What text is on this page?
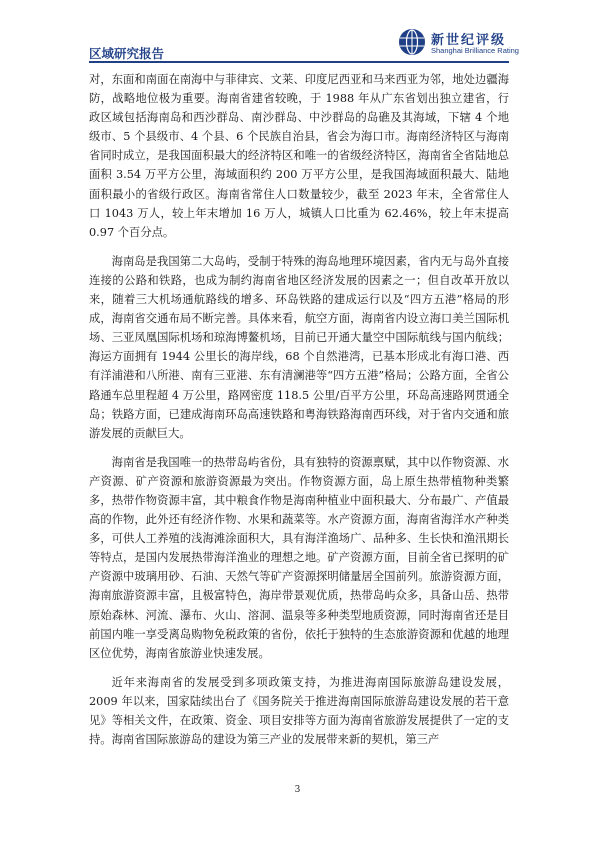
新世纪评级
Shanghai Brilliance Rating
区域研究报告

对，东面和南面在南海中与菲律宾、文莱、印度尼西亚和马来西亚为邻，地处边疆海防，战略地位极为重要。海南省建省较晚，于 1988 年从广东省划出独立建省，行政区域包括海南岛和西沙群岛、南沙群岛、中沙群岛的岛礁及其海域，下辖 4 个地级市、5 个县级市、4 个县、6 个民族自治县，省会为海口市。海南经济特区与海南省同时成立，是我国面积最大的经济特区和唯一的省级经济特区，海南省全省陆地总面积 3.54 万平方公里，海域面积约 200 万平方公里，是我国海域面积最大、陆地面积最小的省级行政区。海南省常住人口数量较少，截至 2023 年末，全省常住人口 1043 万人，较上年末增加 16 万人，城镇人口比重为 62.46%，较上年末提高 0.97 个百分点。

海南岛是我国第二大岛屿，受制于特殊的海岛地理环境因素，省内无与岛外直接连接的公路和铁路，也成为制约海南省地区经济发展的因素之一；但自改革开放以来，随着三大机场通航路线的增多、环岛铁路的建成运行以及“四方五港”格局的形成，海南省交通布局不断完善。具体来看，航空方面，海南省内设立海口美兰国际机场、三亚凤凰国际机场和琼海博鳌机场，目前已开通大量空中国际航线与国内航线；海运方面拥有 1944 公里长的海岸线，68 个自然港湾，已基本形成北有海口港、西有洋浦港和八所港、南有三亚港、东有清澜港等“四方五港”格局；公路方面，全省公路通车总里程超 4 万公里，路网密度 118.5 公里/百平方公里，环岛高速路网贯通全岛；铁路方面，已建成海南环岛高速铁路和粤海铁路海南西环线，对于省内交通和旅游发展的贡献巨大。

海南省是我国唯一的热带岛屿省份，具有独特的资源禀赋，其中以作物资源、水产资源、矿产资源和旅游资源最为突出。作物资源方面，岛上原生热带植物种类繁多，热带作物资源丰富，其中粮食作物是海南种植业中面积最大、分布最广、产值最高的作物，此外还有经济作物、水果和蔬菜等。水产资源方面，海南省海洋水产种类多，可供人工养殖的浅海滩涂面积大，具有海洋渔场广、品种多、生长快和渔汛期长等特点，是国内发展热带海洋渔业的理想之地。矿产资源方面，目前全省已探明的矿产资源中玻璃用砂、石油、天然气等矿产资源探明储量居全国前列。旅游资源方面，海南旅游资源丰富，且极富特色，海岸带景观优质，热带岛屿众多，具备山岳、热带原始森林、河流、瀑布、火山、溶洞、温泉等多种类型地质资源，同时海南省还是目前国内唯一享受离岛购物免税政策的省份，依托于独特的生态旅游资源和优越的地理区位优势，海南省旅游业快速发展。

近年来海南省的发展受到多项政策支持，为推进海南国际旅游岛建设发展，2009 年以来，国家陆续出台了《国务院关于推进海南国际旅游岛建设发展的若干意见》等相关文件，在政策、资金、项目安排等方面为海南省旅游发展提供了一定的支持。海南省国际旅游岛的建设为第三产业的发展带来新的契机，第三产

3
